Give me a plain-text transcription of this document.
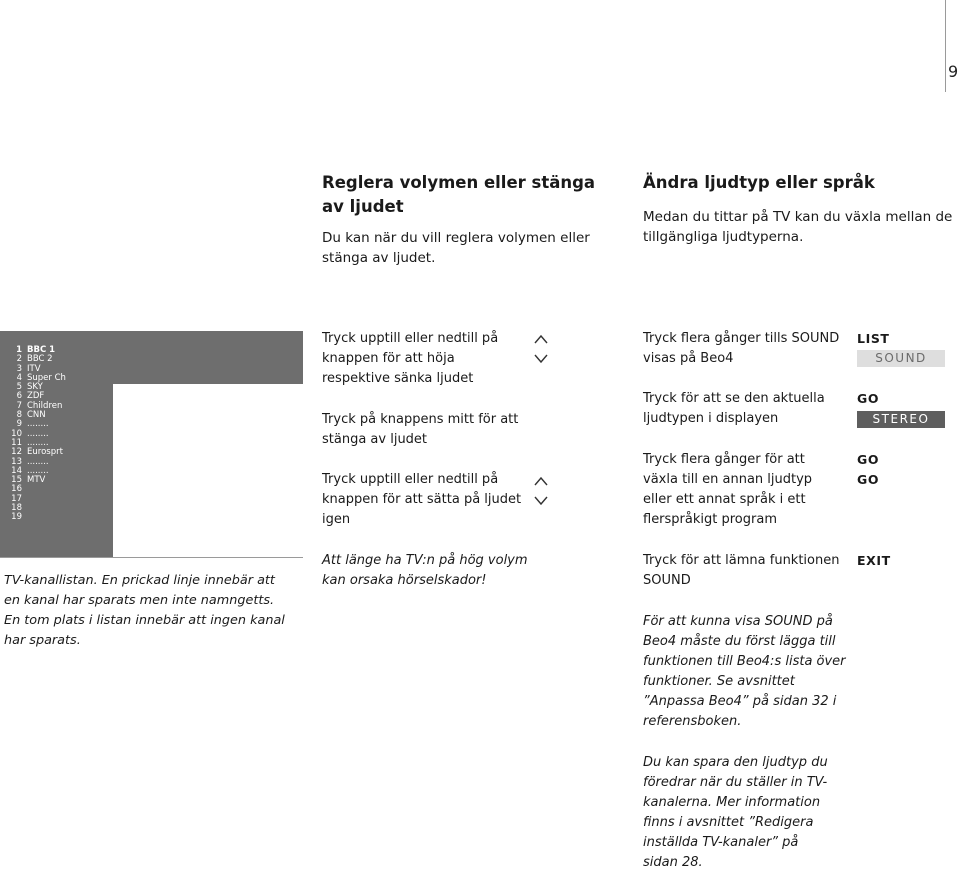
9
Reglera volymen eller stänga av ljudet
Du kan när du vill reglera volymen eller stänga av ljudet.
Ändra ljudtyp eller språk
Medan du tittar på TV kan du växla mellan de tillgängliga ljudtyperna.
1 BBC 1
2 BBC 2
3 ITV
4 Super Ch
5 SKY
6 ZDF
7 Children
8 CNN
9 ........
10 ........
11 ........
12 Eurosprt
13 ........
14 ........
15 MTV
16
17
18
19
TV-kanallistan. En prickad linje innebär att en kanal har sparats men inte namngetts. En tom plats i listan innebär att ingen kanal har sparats.
Tryck upptill eller nedtill på knappen för att höja respektive sänka ljudet
Tryck på knappens mitt för att stänga av ljudet
Tryck upptill eller nedtill på knappen för att sätta på ljudet igen
Att länge ha TV:n på hög volym kan orsaka hörselskador!
Tryck flera gånger tills SOUND visas på Beo4
Tryck för att se den aktuella ljudtypen i displayen
Tryck flera gånger för att växla till en annan ljudtyp eller ett annat språk i ett flerspråkigt program
Tryck för att lämna funktionen SOUND
LIST
SOUND
GO
STEREO
GO
GO
EXIT
För att kunna visa SOUND på Beo4 måste du först lägga till funktionen till Beo4:s lista över funktioner. Se avsnittet ”Anpassa Beo4” på sidan 32 i referensboken.
Du kan spara den ljudtyp du föredrar när du ställer in TV-kanalerna. Mer information finns i avsnittet ”Redigera inställda TV-kanaler” på sidan 28.
